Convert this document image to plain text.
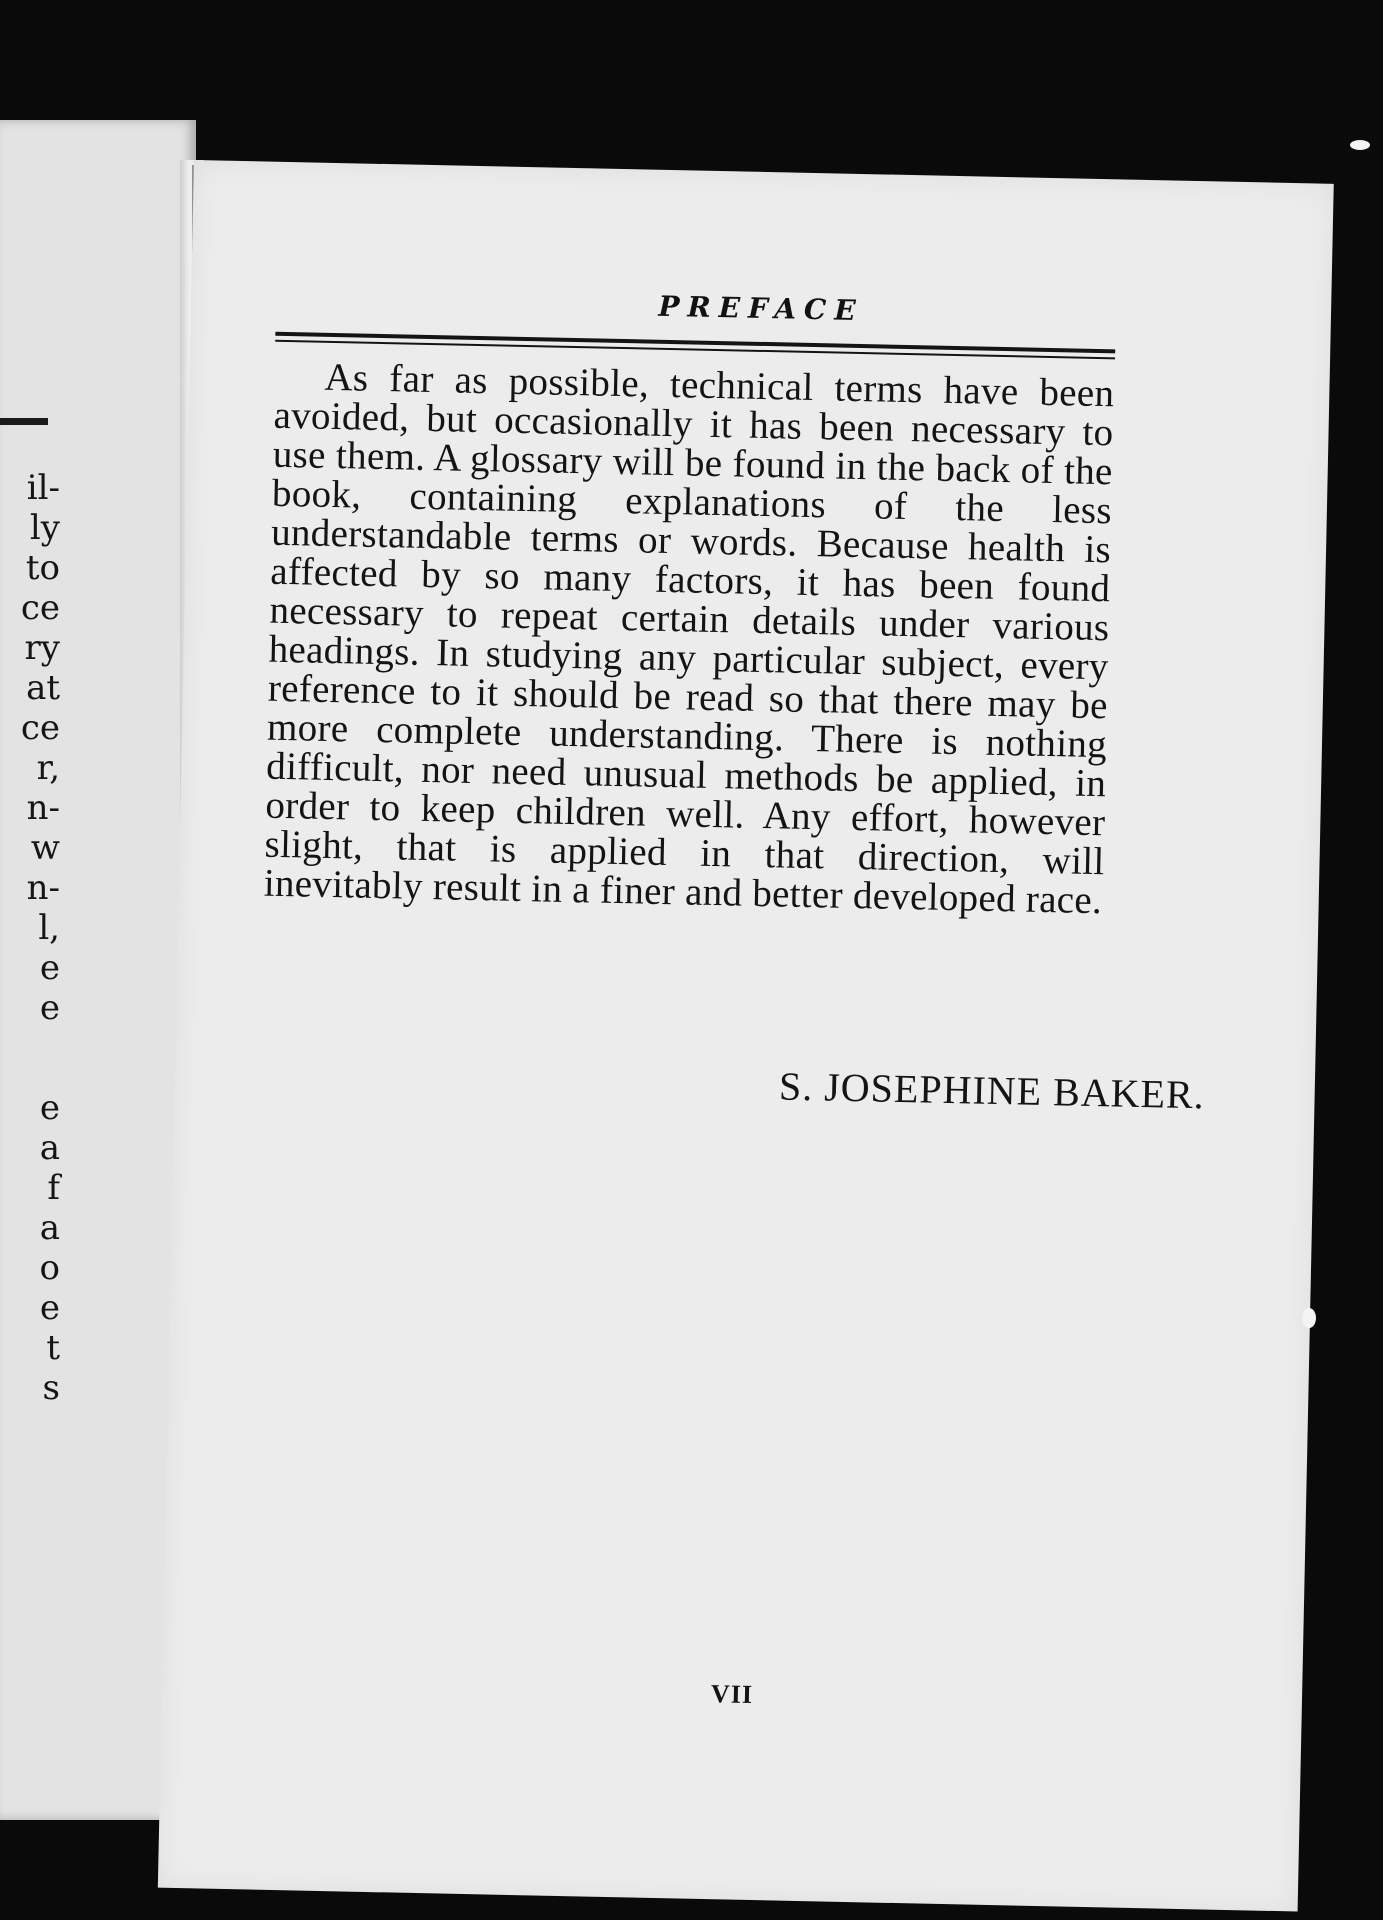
il-
ly
to
ce
ry
at
ce
r,
n-
w
n-
l,
e
e
e
a
f
a
o
e
t
s
PREFACE
As far as possible, technical terms have been avoided, but occasionally it has been necessary to use them. A glossary will be found in the back of the book, containing explanations of the less understandable terms or words. Because health is affected by so many factors, it has been found necessary to repeat certain details under various headings. In studying any particular subject, every reference to it should be read so that there may be more complete understanding. There is nothing difficult, nor need unusual methods be applied, in order to keep children well. Any effort, however slight, that is applied in that direction, will inevitably result in a finer and better developed race.
S. JOSEPHINE BAKER.
VII
